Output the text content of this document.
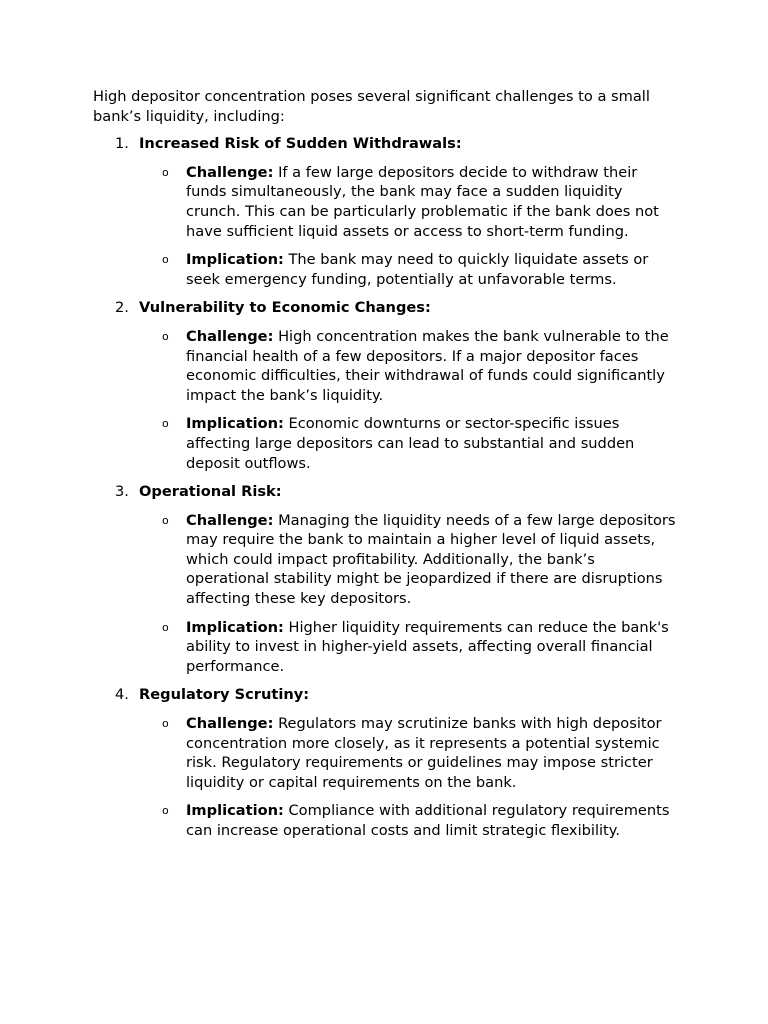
High depositor concentration poses several significant challenges to a small bank’s liquidity, including:

1. Increased Risk of Sudden Withdrawals:
o Challenge: If a few large depositors decide to withdraw their funds simultaneously, the bank may face a sudden liquidity crunch. This can be particularly problematic if the bank does not have sufficient liquid assets or access to short-term funding.
o Implication: The bank may need to quickly liquidate assets or seek emergency funding, potentially at unfavorable terms.
2. Vulnerability to Economic Changes:
o Challenge: High concentration makes the bank vulnerable to the financial health of a few depositors. If a major depositor faces economic difficulties, their withdrawal of funds could significantly impact the bank’s liquidity.
o Implication: Economic downturns or sector-specific issues affecting large depositors can lead to substantial and sudden deposit outflows.
3. Operational Risk:
o Challenge: Managing the liquidity needs of a few large depositors may require the bank to maintain a higher level of liquid assets, which could impact profitability. Additionally, the bank’s operational stability might be jeopardized if there are disruptions affecting these key depositors.
o Implication: Higher liquidity requirements can reduce the bank's ability to invest in higher-yield assets, affecting overall financial performance.
4. Regulatory Scrutiny:
o Challenge: Regulators may scrutinize banks with high depositor concentration more closely, as it represents a potential systemic risk. Regulatory requirements or guidelines may impose stricter liquidity or capital requirements on the bank.
o Implication: Compliance with additional regulatory requirements can increase operational costs and limit strategic flexibility.
